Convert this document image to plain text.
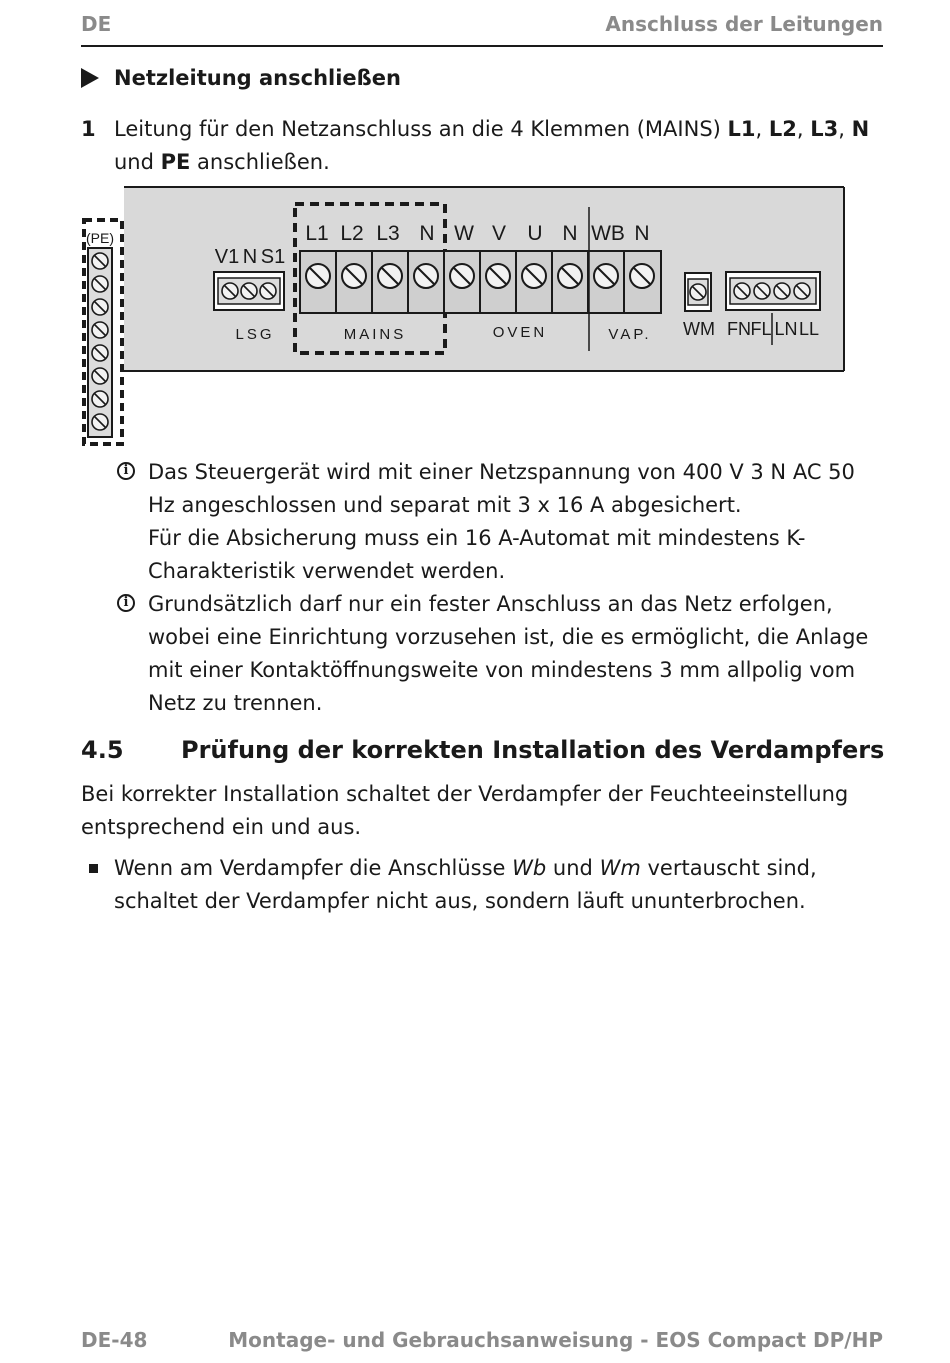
DE	Anschluss der Leitungen
Netzleitung anschließen
1 Leitung für den Netzanschluss an die 4 Klemmen (MAINS) L1, L2, L3, N und PE anschließen.
(PE)
V1 N S1
LSG
L1 L2 L3 N W V U N WB N
MAINS	OVEN	VAP. WM FN FL LN LL
i Das Steuergerät wird mit einer Netzspannung von 400 V 3 N AC 50 Hz angeschlossen und separat mit 3 x 16 A abgesichert.

Für die Absicherung muss ein 16 A-Automat mit mindestens K-Charakteristik verwendet werden.

i Grundsätzlich darf nur ein fester Anschluss an das Netz erfolgen, wobei eine Einrichtung vorzusehen ist, die es ermöglicht, die Anlage mit einer Kontaktöffnungsweite von mindestens 3 mm allpolig vom Netz zu trennen.

4.5 Prüfung der korrekten Installation des Verdampfers
Bei korrekter Installation schaltet der Verdampfer der Feuchteeinstellung entsprechend ein und aus.
Wenn am Verdampfer die Anschlüsse Wb und Wm vertauscht sind, schaltet der Verdampfer nicht aus, sondern läuft ununterbrochen.
DE-48	Montage- und Gebrauchsanweisung - EOS Compact DP/HP
